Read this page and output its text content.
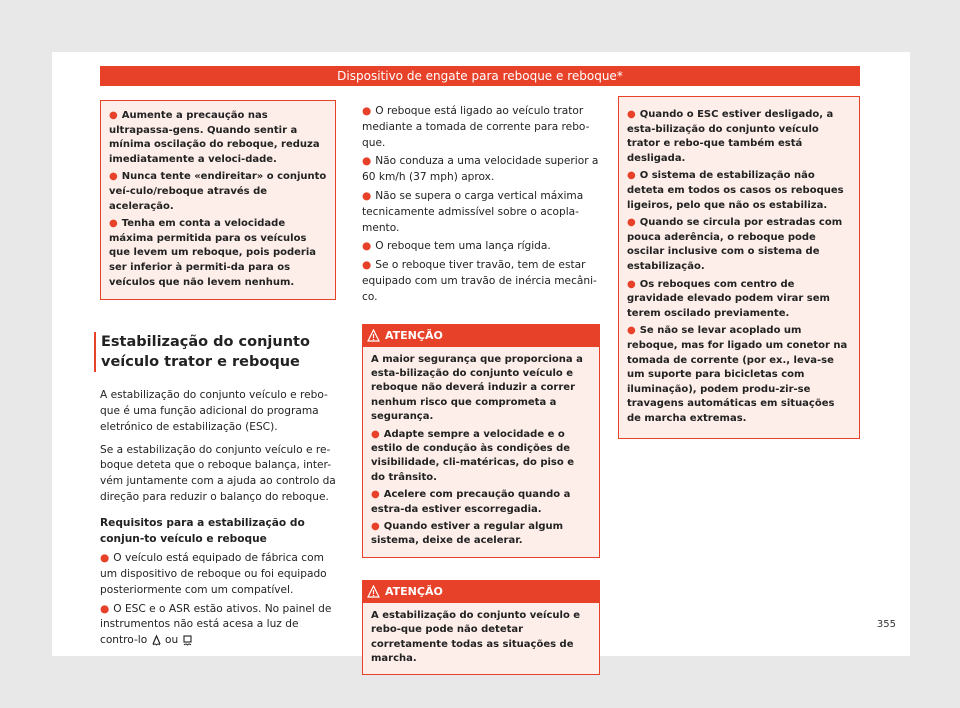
Dispositivo de engate para reboque e reboque*
● Aumente a precaução nas ultrapassa-gens. Quando sentir a mínima oscilação do reboque, reduza imediatamente a veloci-dade.
● Nunca tente «endireitar» o conjunto veí-culo/reboque através de aceleração.
● Tenha em conta a velocidade máxima permitida para os veículos que levem um reboque, pois poderia ser inferior à permiti-da para os veículos que não levem nenhum.
Estabilização do conjunto veículo trator e reboque

A estabilização do conjunto veículo e rebo-que é uma função adicional do programa eletrónico de estabilização (ESC).

Se a estabilização do conjunto veículo e re-boque deteta que o reboque balança, inter-vém juntamente com a ajuda ao controlo da direção para reduzir o balanço do reboque.

Requisitos para a estabilização do conjun-to veículo e reboque
● O veículo está equipado de fábrica com um dispositivo de reboque ou foi equipado posteriormente com um compatível.
● O ESC e o ASR estão ativos. No painel de instrumentos não está acesa a luz de contro-lo ou
● O reboque está ligado ao veículo trator mediante a tomada de corrente para rebo-que.
● Não conduza a uma velocidade superior a 60 km/h (37 mph) aprox.
● Não se supera o carga vertical máxima tecnicamente admissível sobre o acopla-mento.
● O reboque tem uma lança rígida.
● Se o reboque tiver travão, tem de estar equipado com um travão de inércia mecâni-co.
ATENÇÃO
A maior segurança que proporciona a esta-bilização do conjunto veículo e reboque não deverá induzir a correr nenhum risco que comprometa a segurança.
● Adapte sempre a velocidade e o estilo de condução às condições de visibilidade, cli-matéricas, do piso e do trânsito.
● Acelere com precaução quando a estra-da estiver escorregadia.
● Quando estiver a regular algum sistema, deixe de acelerar.
ATENÇÃO
A estabilização do conjunto veículo e rebo-que pode não detetar corretamente todas as situações de marcha.
● Quando o ESC estiver desligado, a esta-bilização do conjunto veículo trator e rebo-que também está desligada.
● O sistema de estabilização não deteta em todos os casos os reboques ligeiros, pelo que não os estabiliza.
● Quando se circula por estradas com pouca aderência, o reboque pode oscilar inclusive com o sistema de estabilização.
● Os reboques com centro de gravidade elevado podem virar sem terem oscilado previamente.
● Se não se levar acoplado um reboque, mas for ligado um conetor na tomada de corrente (por ex., leva-se um suporte para bicicletas com iluminação), podem produ-zir-se travagens automáticas em situações de marcha extremas.
355
